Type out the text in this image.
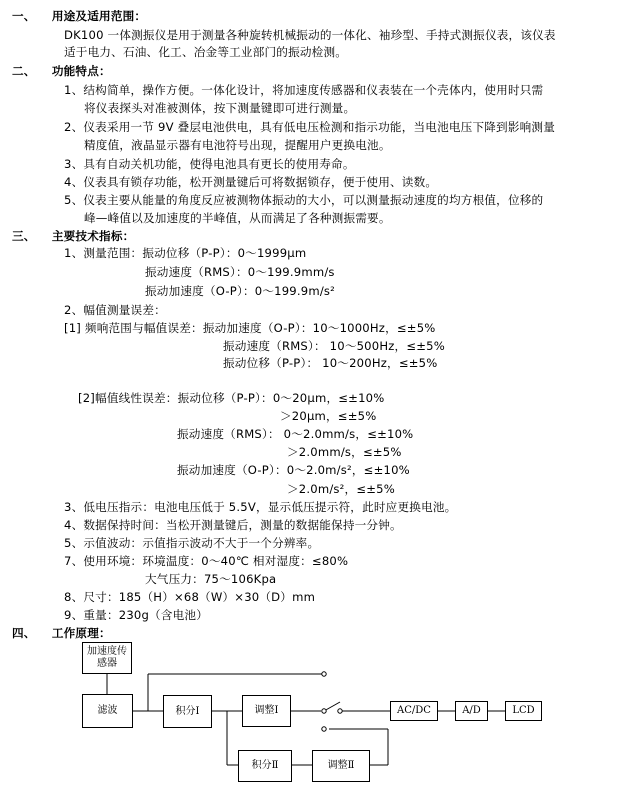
一、 用途及适用范围：
DK100 一体测振仪是用于测量各种旋转机械振动的一体化、袖珍型、手持式测振仪表，该仪表
适于电力、石油、化工、冶金等工业部门的振动检测。
二、 功能特点：
1、结构简单，操作方便。一体化设计，将加速度传感器和仪表装在一个壳体内，使用时只需
将仪表探头对准被测体，按下测量键即可进行测量。
2、仪表采用一节 9V 叠层电池供电，具有低电压检测和指示功能，当电池电压下降到影响测量
精度值，液晶显示器有电池符号出现，提醒用户更换电池。
3、具有自动关机功能，使得电池具有更长的使用寿命。
4、仪表具有锁存功能，松开测量键后可将数据锁存，便于使用、读数。
5、仪表主要从能量的角度反应被测物体振动的大小，可以测量振动速度的均方根值，位移的
峰—峰值以及加速度的半峰值，从而满足了各种测振需要。
三、 主要技术指标：
1、测量范围：振动位移（P-P）：0～1999μm
振动速度（RMS）：0～199.9mm/s
振动加速度（O-P）：0～199.9m/s²
2、幅值测量误差：
[1] 频响范围与幅值误差：振动加速度（O-P）：10～1000Hz，≤±5%
振动速度（RMS）： 10～500Hz，≤±5%
振动位移（P-P）： 10～200Hz，≤±5%
[2]幅值线性误差：振动位移（P-P）：0～20μm，≤±10%
＞20μm，≤±5%
振动速度（RMS）： 0～2.0mm/s，≤±10%
＞2.0mm/s，≤±5%
振动加速度（O-P）：0～2.0m/s²，≤±10%
＞2.0m/s²，≤±5%
3、低电压指示：电池电压低于 5.5V，显示低压提示符，此时应更换电池。
4、数据保持时间：当松开测量键后，测量的数据能保持一分钟。
5、示值波动：示值指示波动不大于一个分辨率。
7、使用环境：环境温度：0～40℃ 相对湿度：≤80%
大气压力：75～106Kpa
8、尺寸：185（H）×68（W）×30（D）mm
9、重量：230g（含电池）
四、 工作原理：
加速度传感器
滤波	积分Ⅰ	调整Ⅰ
积分Ⅱ	调整Ⅱ
AC/DC	A/D	LCD
